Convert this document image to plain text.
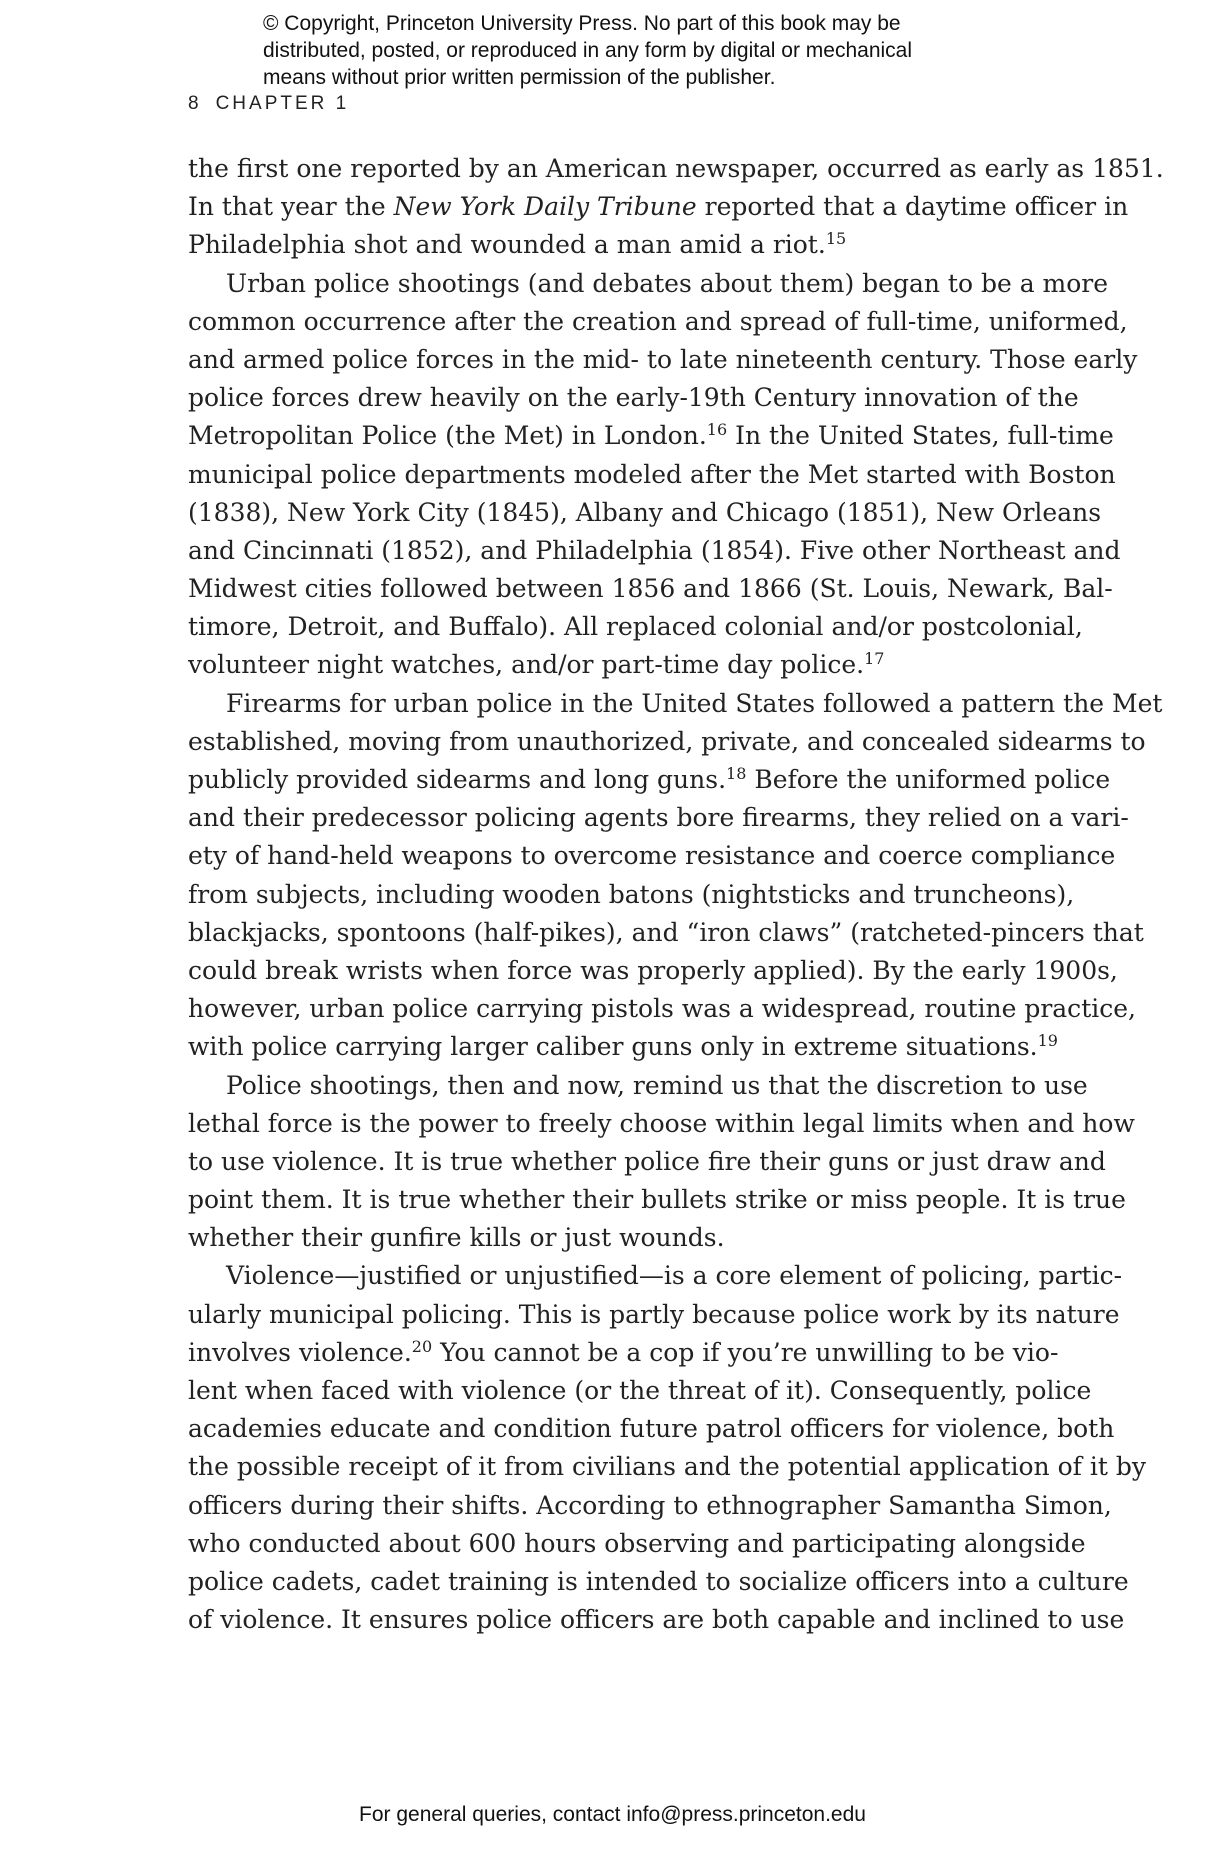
© Copyright, Princeton University Press. No part of this book may be
distributed, posted, or reproduced in any form by digital or mechanical
means without prior written permission of the publisher.
8 CHAPTER 1
the first one reported by an American newspaper, occurred as early as 1851.
In that year the New York Daily Tribune reported that a daytime officer in
Philadelphia shot and wounded a man amid a riot.$^{15}$
Urban police shootings (and debates about them) began to be a more
common occurrence after the creation and spread of full-time, uniformed,
and armed police forces in the mid- to late nineteenth century. Those early
police forces drew heavily on the early-19th Century innovation of the
Metropolitan Police (the Met) in London.$^{16}$ In the United States, full-time
municipal police departments modeled after the Met started with Boston
(1838), New York City (1845), Albany and Chicago (1851), New Orleans
and Cincinnati (1852), and Philadelphia (1854). Five other Northeast and
Midwest cities followed between 1856 and 1866 (St. Louis, Newark, Bal-
timore, Detroit, and Buffalo). All replaced colonial and/or postcolonial,
volunteer night watches, and/or part-time day police.$^{17}$
Firearms for urban police in the United States followed a pattern the Met
established, moving from unauthorized, private, and concealed sidearms to
publicly provided sidearms and long guns.$^{18}$ Before the uniformed police
and their predecessor policing agents bore firearms, they relied on a vari-
ety of hand-held weapons to overcome resistance and coerce compliance
from subjects, including wooden batons (nightsticks and truncheons),
blackjacks, spontoons (half-pikes), and “iron claws” (ratcheted-pincers that
could break wrists when force was properly applied). By the early 1900s,
however, urban police carrying pistols was a widespread, routine practice,
with police carrying larger caliber guns only in extreme situations.$^{19}$
Police shootings, then and now, remind us that the discretion to use
lethal force is the power to freely choose within legal limits when and how
to use violence. It is true whether police fire their guns or just draw and
point them. It is true whether their bullets strike or miss people. It is true
whether their gunfire kills or just wounds.
Violence—justified or unjustified—is a core element of policing, partic-
ularly municipal policing. This is partly because police work by its nature
involves violence.$^{20}$ You cannot be a cop if you’re unwilling to be vio-
lent when faced with violence (or the threat of it). Consequently, police
academies educate and condition future patrol officers for violence, both
the possible receipt of it from civilians and the potential application of it by
officers during their shifts. According to ethnographer Samantha Simon,
who conducted about 600 hours observing and participating alongside
police cadets, cadet training is intended to socialize officers into a culture
of violence. It ensures police officers are both capable and inclined to use
For general queries, contact info@press.princeton.edu
